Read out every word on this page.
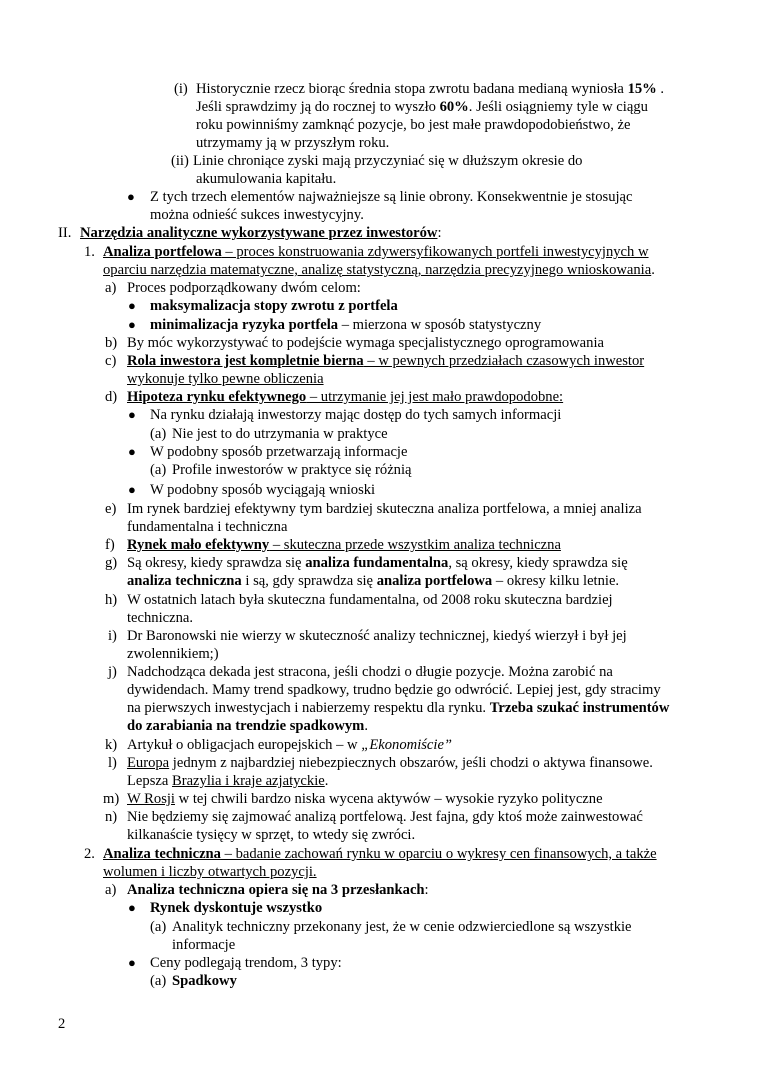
(i) Historycznie rzecz biorąc średnia stopa zwrotu badana medianą wyniosła 15% .
Jeśli sprawdzimy ją do rocznej to wyszło 60%. Jeśli osiągniemy tyle w ciągu
roku powinniśmy zamknąć pozycje, bo jest małe prawdopodobieństwo, że
utrzymamy ją w przyszłym roku.
(ii) Linie chroniące zyski mają przyczyniać się w dłuższym okresie do
akumulowania kapitału.
● Z tych trzech elementów najważniejsze są linie obrony. Konsekwentnie je stosując
można odnieść sukces inwestycyjny.
II. Narzędzia analityczne wykorzystywane przez inwestorów:
1. Analiza portfelowa – proces konstruowania zdywersyfikowanych portfeli inwestycyjnych w
oparciu narzędzia matematyczne, analizę statystyczną, narzędzia precyzyjnego wnioskowania.
a) Proces podporządkowany dwóm celom:
● maksymalizacja stopy zwrotu z portfela
● minimalizacja ryzyka portfela – mierzona w sposób statystyczny
b) By móc wykorzystywać to podejście wymaga specjalistycznego oprogramowania
c) Rola inwestora jest kompletnie bierna – w pewnych przedziałach czasowych inwestor
wykonuje tylko pewne obliczenia
d) Hipoteza rynku efektywnego – utrzymanie jej jest mało prawdopodobne:
● Na rynku działają inwestorzy mając dostęp do tych samych informacji
(a) Nie jest to do utrzymania w praktyce
● W podobny sposób przetwarzają informacje
(a) Profile inwestorów w praktyce się różnią
● W podobny sposób wyciągają wnioski
e) Im rynek bardziej efektywny tym bardziej skuteczna analiza portfelowa, a mniej analiza
fundamentalna i techniczna
f) Rynek mało efektywny – skuteczna przede wszystkim analiza techniczna
g) Są okresy, kiedy sprawdza się analiza fundamentalna, są okresy, kiedy sprawdza się
analiza techniczna i są, gdy sprawdza się analiza portfelowa – okresy kilku letnie.
h) W ostatnich latach była skuteczna fundamentalna, od 2008 roku skuteczna bardziej
techniczna.
i) Dr Baronowski nie wierzy w skuteczność analizy technicznej, kiedyś wierzył i był jej
zwolennikiem;)
j) Nadchodząca dekada jest stracona, jeśli chodzi o długie pozycje. Można zarobić na
dywidendach. Mamy trend spadkowy, trudno będzie go odwrócić. Lepiej jest, gdy stracimy
na pierwszych inwestycjach i nabierzemy respektu dla rynku. Trzeba szukać instrumentów
do zarabiania na trendzie spadkowym.
k) Artykuł o obligacjach europejskich – w „Ekonomiście”
l) Europa jednym z najbardziej niebezpiecznych obszarów, jeśli chodzi o aktywa finansowe.
Lepsza Brazylia i kraje azjatyckie.
m) W Rosji w tej chwili bardzo niska wycena aktywów – wysokie ryzyko polityczne
n) Nie będziemy się zajmować analizą portfelową. Jest fajna, gdy ktoś może zainwestować
kilkanaście tysięcy w sprzęt, to wtedy się zwróci.
2. Analiza techniczna – badanie zachowań rynku w oparciu o wykresy cen finansowych, a także
wolumen i liczby otwartych pozycji.
a) Analiza techniczna opiera się na 3 przesłankach:
● Rynek dyskontuje wszystko
(a) Analityk techniczny przekonany jest, że w cenie odzwierciedlone są wszystkie
informacje
● Ceny podlegają trendom, 3 typy:
(a) Spadkowy
2
